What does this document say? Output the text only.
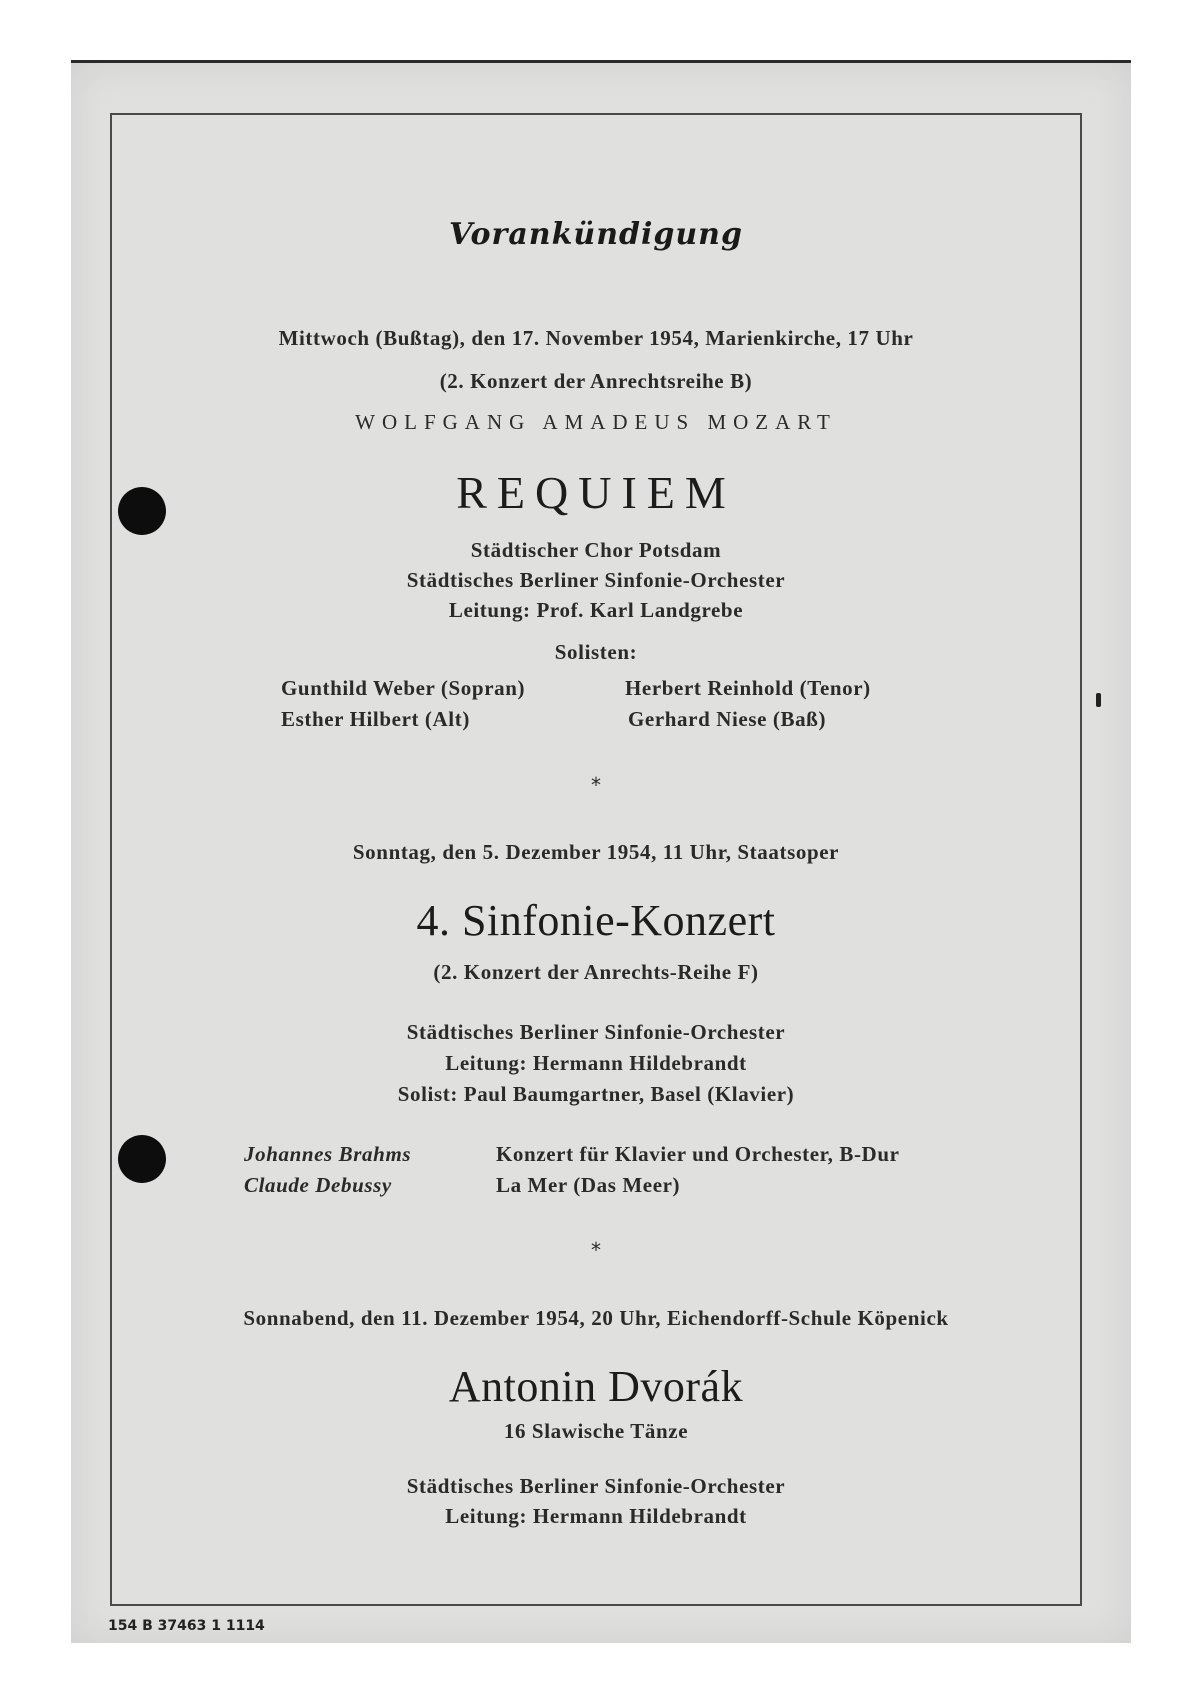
Vorankündigung
Mittwoch (Bußtag), den 17. November 1954, Marienkirche, 17 Uhr
(2. Konzert der Anrechtsreihe B)
WOLFGANG AMADEUS MOZART
REQUIEM
Städtischer Chor Potsdam
Städtisches Berliner Sinfonie-Orchester
Leitung: Prof. Karl Landgrebe
Solisten:
Gunthild Weber (Sopran)	Herbert Reinhold (Tenor)
Esther Hilbert (Alt)	Gerhard Niese (Baß)
*
Sonntag, den 5. Dezember 1954, 11 Uhr, Staatsoper
4. Sinfonie-Konzert
(2. Konzert der Anrechts-Reihe F)
Städtisches Berliner Sinfonie-Orchester
Leitung: Hermann Hildebrandt
Solist: Paul Baumgartner, Basel (Klavier)
Johannes Brahms	Konzert für Klavier und Orchester, B-Dur
Claude Debussy	La Mer (Das Meer)
*
Sonnabend, den 11. Dezember 1954, 20 Uhr, Eichendorff-Schule Köpenick
Antonin Dvorák
16 Slawische Tänze
Städtisches Berliner Sinfonie-Orchester
Leitung: Hermann Hildebrandt
154 B 37463 1 1114
